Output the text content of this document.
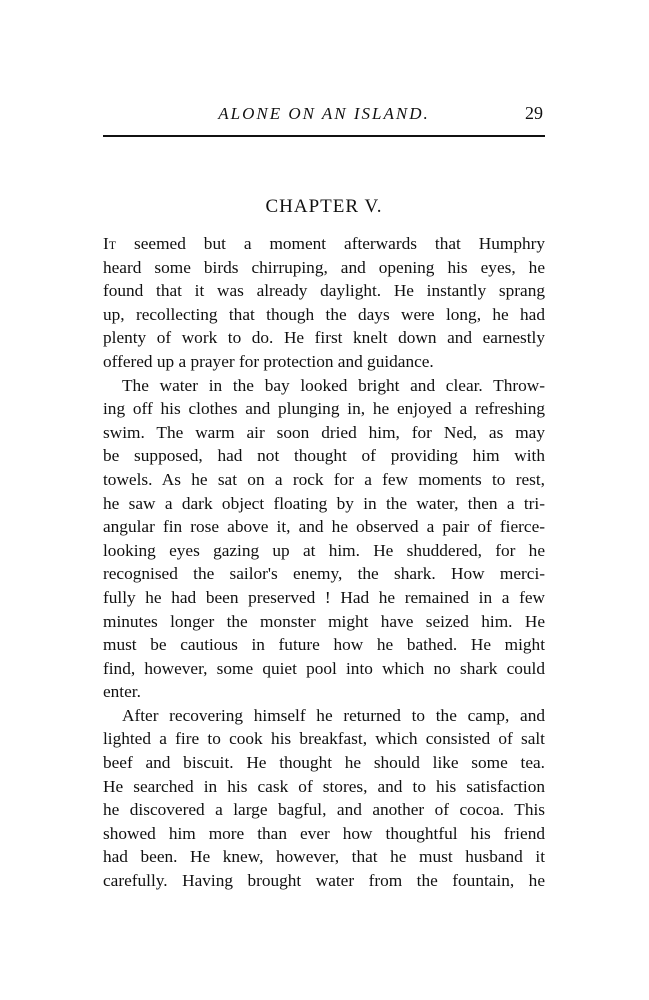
ALONE ON AN ISLAND.	29
CHAPTER V.
It seemed but a moment afterwards that Humphry
heard some birds chirruping, and opening his eyes, he
found that it was already daylight. He instantly sprang
up, recollecting that though the days were long, he had
plenty of work to do. He first knelt down and earnestly
offered up a prayer for protection and guidance.
The water in the bay looked bright and clear. Throw-
ing off his clothes and plunging in, he enjoyed a refreshing
swim. The warm air soon dried him, for Ned, as may
be supposed, had not thought of providing him with
towels. As he sat on a rock for a few moments to rest,
he saw a dark object floating by in the water, then a tri-
angular fin rose above it, and he observed a pair of fierce-
looking eyes gazing up at him. He shuddered, for he
recognised the sailor's enemy, the shark. How merci-
fully he had been preserved ! Had he remained in a few
minutes longer the monster might have seized him. He
must be cautious in future how he bathed. He might
find, however, some quiet pool into which no shark could
enter.
After recovering himself he returned to the camp, and
lighted a fire to cook his breakfast, which consisted of salt
beef and biscuit. He thought he should like some tea.
He searched in his cask of stores, and to his satisfaction
he discovered a large bagful, and another of cocoa. This
showed him more than ever how thoughtful his friend
had been. He knew, however, that he must husband it
carefully. Having brought water from the fountain, he
